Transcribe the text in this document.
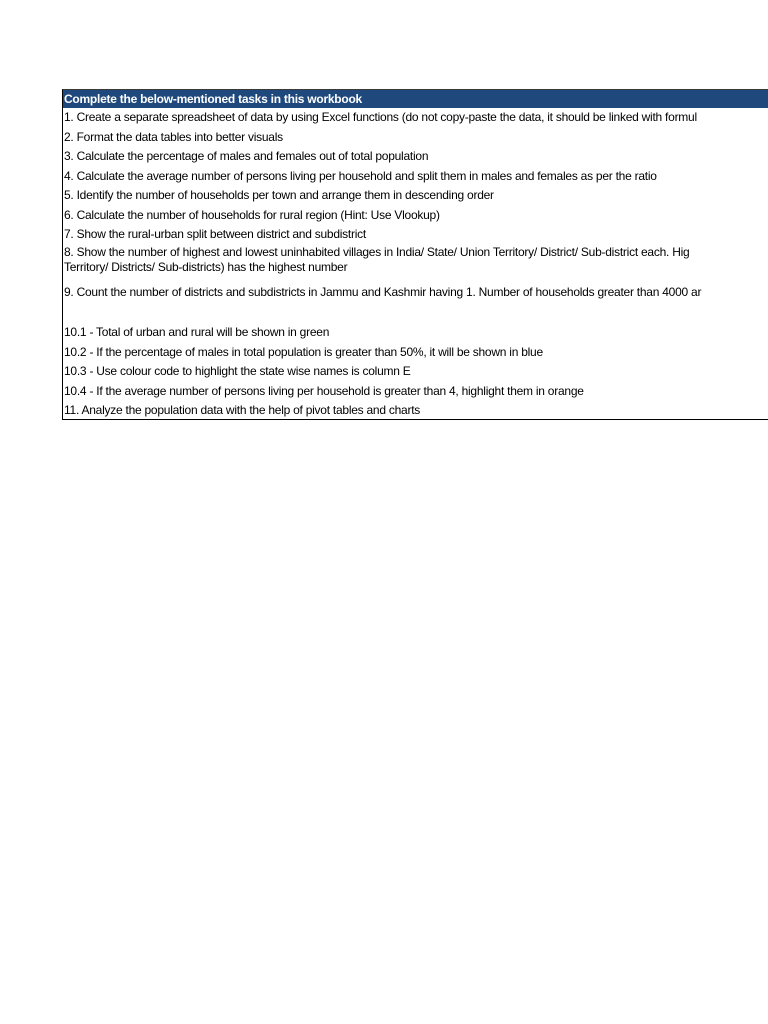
Complete the below-mentioned tasks in this workbook
1. Create a separate spreadsheet of data by using Excel functions (do not copy-paste the data, it should be linked with formul
2. Format the data tables into better visuals
3. Calculate the percentage of males and females out of total population
4. Calculate the average number of persons living per household and split them in males and females as per the ratio
5. Identify the number of households per town and arrange them in descending order
6. Calculate the number of households for rural region (Hint: Use Vlookup)
7. Show the rural-urban split between district and subdistrict
8. Show the number of highest and lowest uninhabited villages in India/ State/ Union Territory/ District/ Sub-district each. Hig
Territory/ Districts/ Sub-districts) has the highest number
9. Count the number of districts and subdistricts in Jammu and Kashmir having 1. Number of households greater than 4000 ar
10.1 - Total of urban and rural will be shown in green
10.2 - If the percentage of males in total population is greater than 50%, it will be shown in blue
10.3 - Use colour code to highlight the state wise names is column E
10.4 - If the average number of persons living per household is greater than 4, highlight them in orange
11. Analyze the population data with the help of pivot tables and charts
